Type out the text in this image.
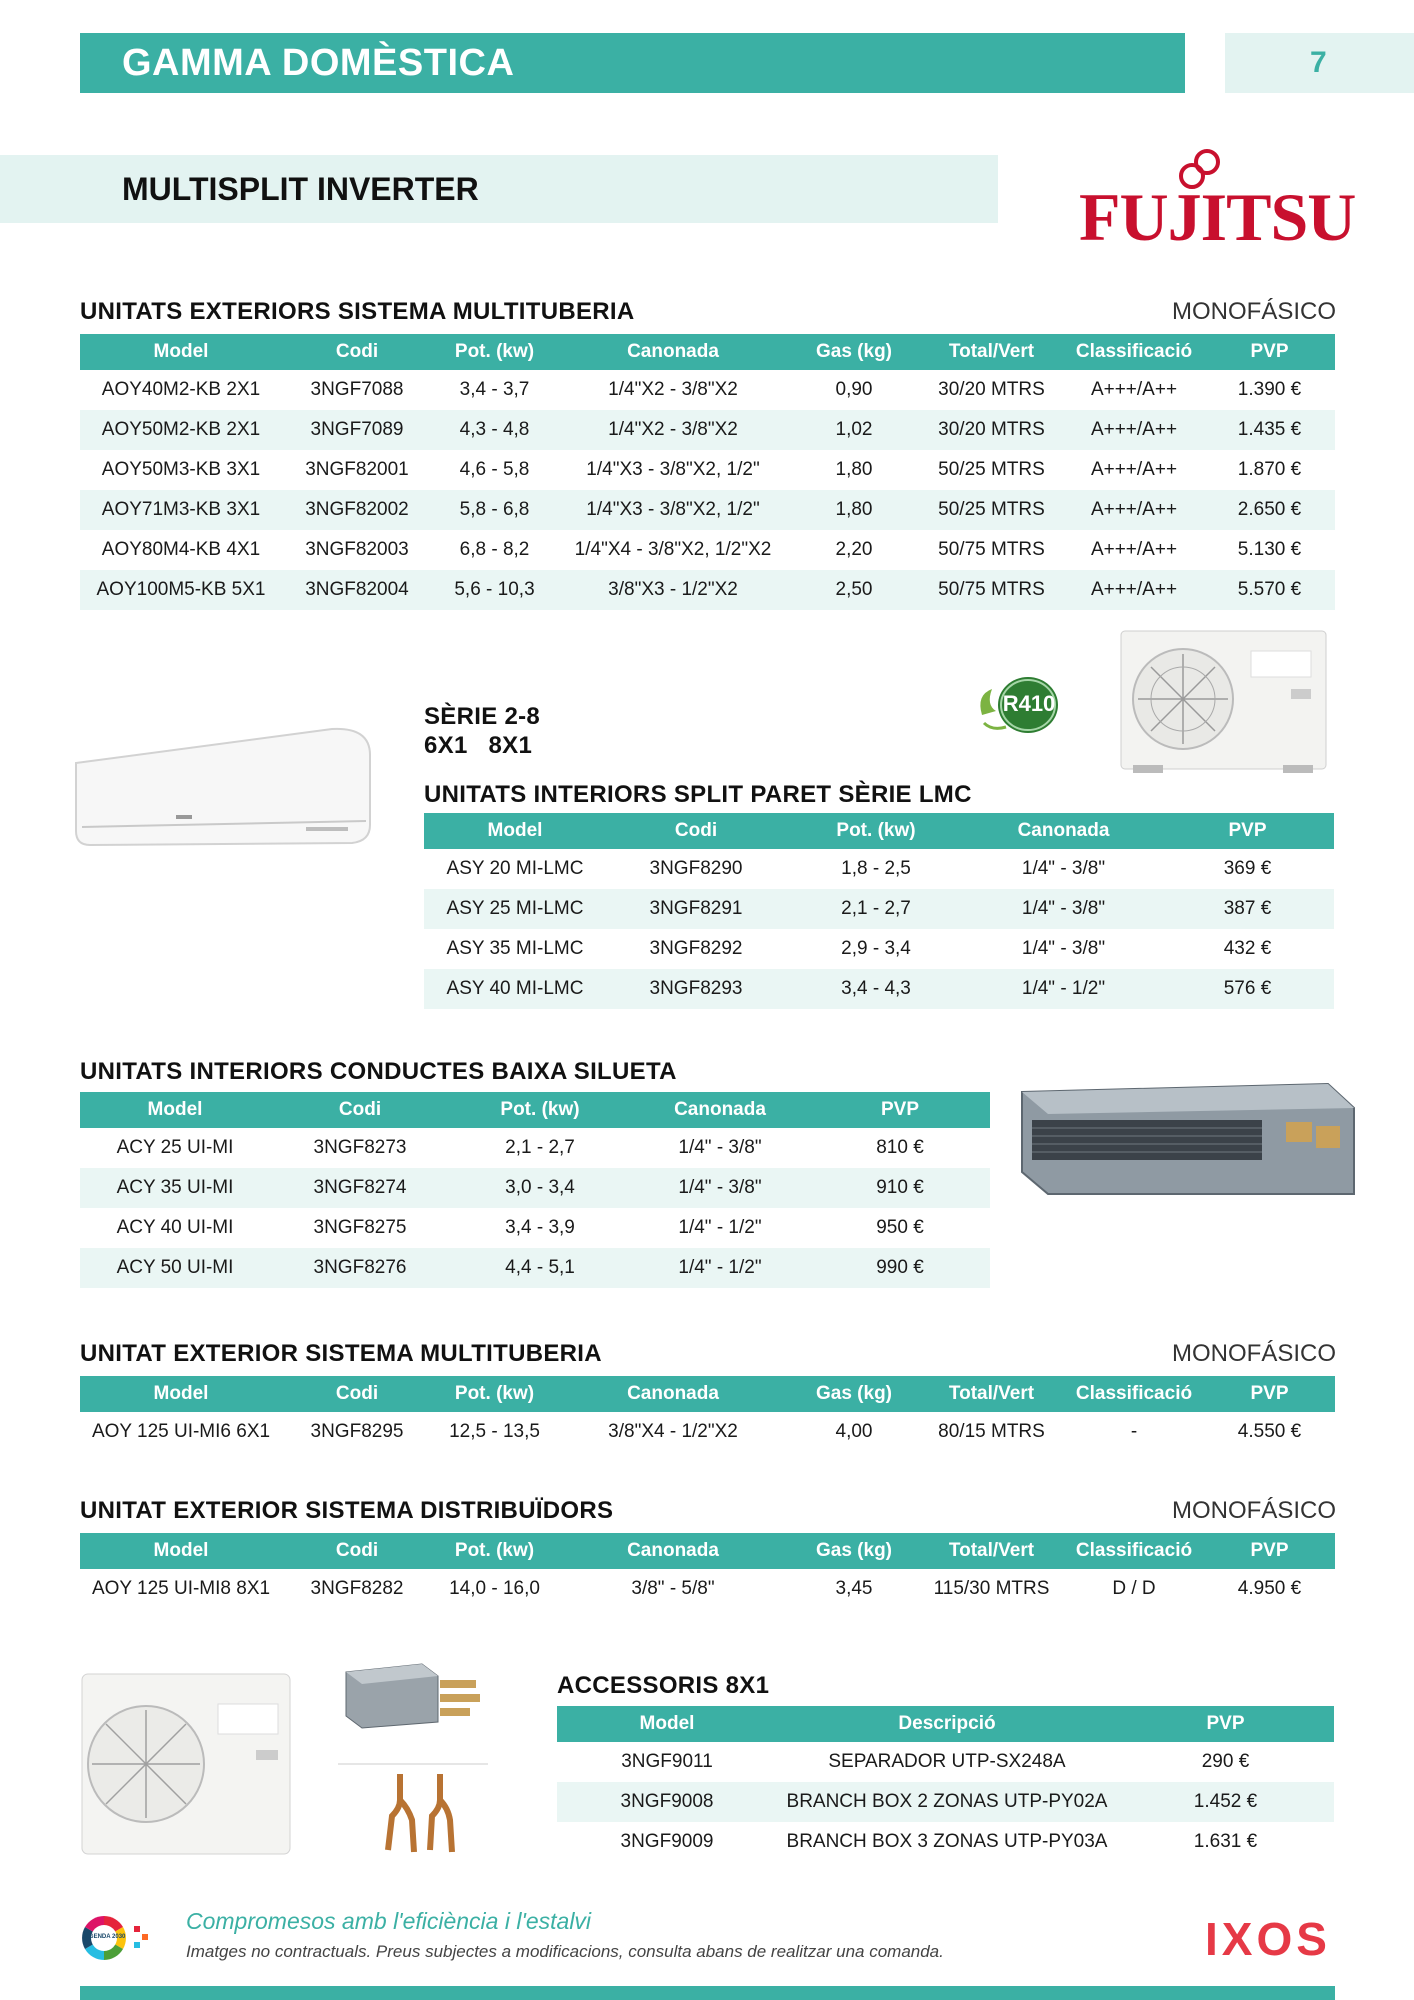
GAMMA DOMÈSTICA	7
MULTISPLIT INVERTER	FUJITSU
UNITATS EXTERIORS SISTEMA MULTITUBERIA	MONOFÁSICO
Model	Codi	Pot. (kw)	Canonada	Gas (kg)	Total/Vert	Classificació	PVP
AOY40M2-KB 2X1	3NGF7088	3,4 - 3,7	1/4"X2 - 3/8"X2	0,90	30/20 MTRS	A+++/A++	1.390 €
AOY50M2-KB 2X1	3NGF7089	4,3 - 4,8	1/4"X2 - 3/8"X2	1,02	30/20 MTRS	A+++/A++	1.435 €
AOY50M3-KB 3X1	3NGF82001	4,6 - 5,8	1/4"X3 - 3/8"X2, 1/2"	1,80	50/25 MTRS	A+++/A++	1.870 €
AOY71M3-KB 3X1	3NGF82002	5,8 - 6,8	1/4"X3 - 3/8"X2, 1/2"	1,80	50/25 MTRS	A+++/A++	2.650 €
AOY80M4-KB 4X1	3NGF82003	6,8 - 8,2	1/4"X4 - 3/8"X2, 1/2"X2	2,20	50/75 MTRS	A+++/A++	5.130 €
AOY100M5-KB 5X1	3NGF82004	5,6 - 10,3	3/8"X3 - 1/2"X2	2,50	50/75 MTRS	A+++/A++	5.570 €
R410
SÈRIE 2-8
6X1   8X1
UNITATS INTERIORS SPLIT PARET SÈRIE LMC
Model	Codi	Pot. (kw)	Canonada	PVP
ASY 20 MI-LMC	3NGF8290	1,8 - 2,5	1/4" - 3/8"	369 €
ASY 25 MI-LMC	3NGF8291	2,1 - 2,7	1/4" - 3/8"	387 €
ASY 35 MI-LMC	3NGF8292	2,9 - 3,4	1/4" - 3/8"	432 €
ASY 40 MI-LMC	3NGF8293	3,4 - 4,3	1/4" - 1/2"	576 €
UNITATS INTERIORS CONDUCTES BAIXA SILUETA
Model	Codi	Pot. (kw)	Canonada	PVP
ACY 25 UI-MI	3NGF8273	2,1 - 2,7	1/4" - 3/8"	810 €
ACY 35 UI-MI	3NGF8274	3,0 - 3,4	1/4" - 3/8"	910 €
ACY 40 UI-MI	3NGF8275	3,4 - 3,9	1/4" - 1/2"	950 €
ACY 50 UI-MI	3NGF8276	4,4 - 5,1	1/4" - 1/2"	990 €
UNITAT EXTERIOR SISTEMA MULTITUBERIA	MONOFÁSICO
Model	Codi	Pot. (kw)	Canonada	Gas (kg)	Total/Vert	Classificació	PVP
AOY 125 UI-MI6 6X1	3NGF8295	12,5 - 13,5	3/8"X4 - 1/2"X2	4,00	80/15 MTRS	-	4.550 €
UNITAT EXTERIOR SISTEMA DISTRIBUÏDORS	MONOFÁSICO
Model	Codi	Pot. (kw)	Canonada	Gas (kg)	Total/Vert	Classificació	PVP
AOY 125 UI-MI8 8X1	3NGF8282	14,0 - 16,0	3/8" - 5/8"	3,45	115/30 MTRS	D / D	4.950 €
ACCESSORIS 8X1
Model	Descripció	PVP
3NGF9011	SEPARADOR UTP-SX248A	290 €
3NGF9008	BRANCH BOX 2 ZONAS UTP-PY02A	1.452 €
3NGF9009	BRANCH BOX 3 ZONAS UTP-PY03A	1.631 €
AGENDA 2030
Compromesos amb l'eficiència i l'estalvi
Imatges no contractuals. Preus subjectes a modificacions, consulta abans de realitzar una comanda.	IXOS
